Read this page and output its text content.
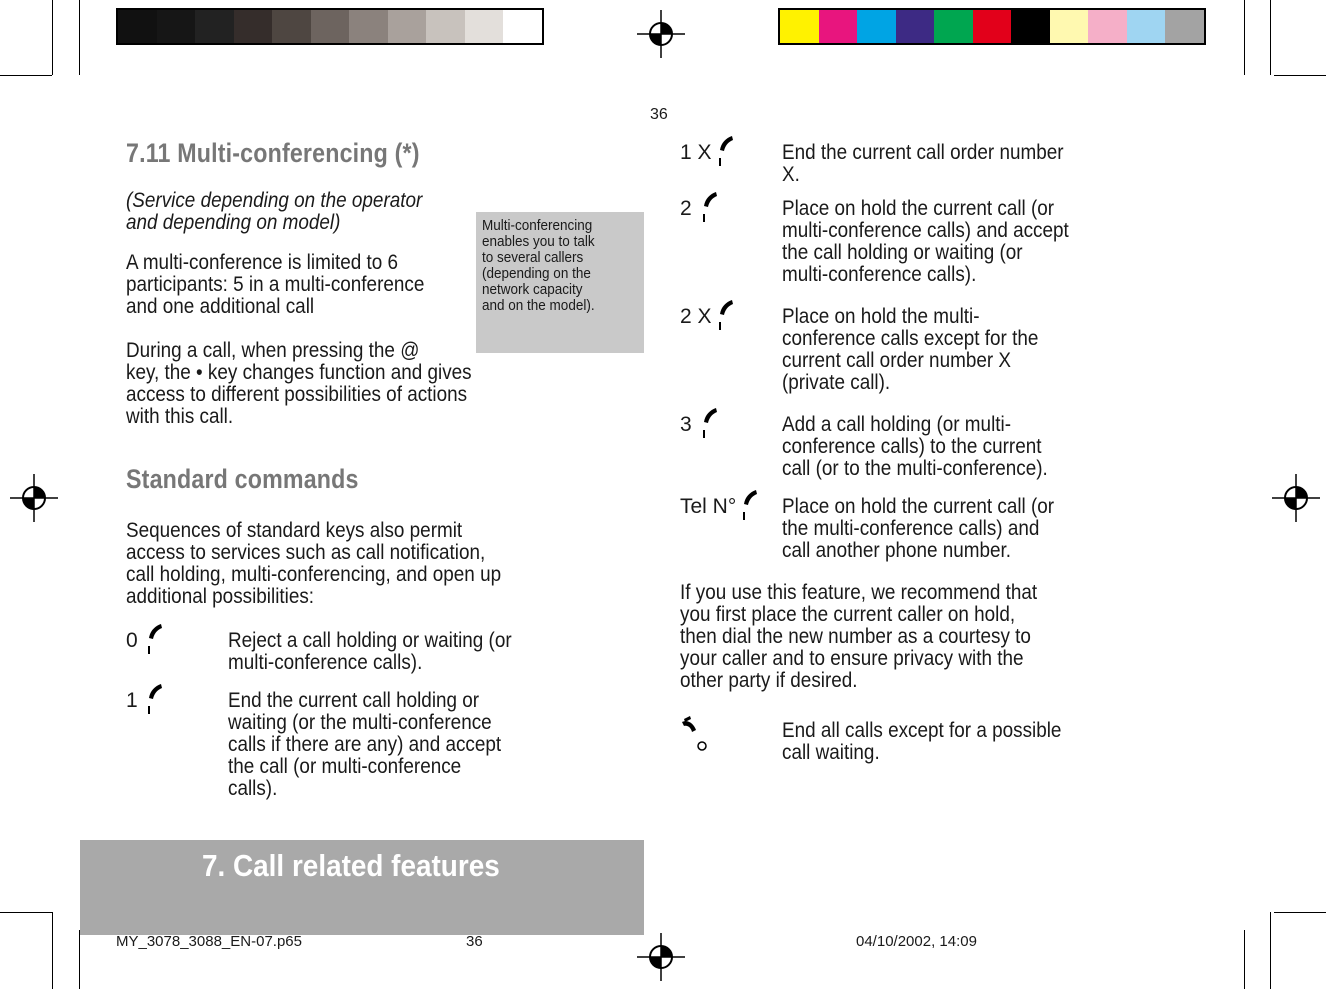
7.11 Multi-conferencing (*)
(Service depending on the operator
and depending on model)
A multi-conference is limited to 6
participants: 5 in a multi-conference
and one additional call
During a call, when pressing the @
key, the • key changes function and gives
access to different possibilities of actions
with this call.
Multi-conferencing
enables you to talk
to several callers
(depending on the
network capacity
and on the model).
Standard commands
Sequences of standard keys also permit
access to services such as call notification,
call holding, multi-conferencing, and open up
additional possibilities:
0	Reject a call holding or waiting (or
multi-conference calls).
1	End the current call holding or
waiting (or the multi-conference
calls if there are any) and accept
the call (or multi-conference
calls).
7. Call related features
MY_3078_3088_EN-07.p65	36	04/10/2002, 14:09
36
1 X	End the current call order number
X.
2	Place on hold the current call (or
multi-conference calls) and accept
the call holding or waiting (or
multi-conference calls).
2 X	Place on hold the multi-
conference calls except for the
current call order number X
(private call).
3	Add a call holding (or multi-
conference calls) to the current
call (or to the multi-conference).
Tel N° Place on hold the current call (or
the multi-conference calls) and
call another phone number.
If you use this feature, we recommend that
you first place the current caller on hold,
then dial the new number as a courtesy to
your caller and to ensure privacy with the
other party if desired.
End all calls except for a possible
call waiting.
